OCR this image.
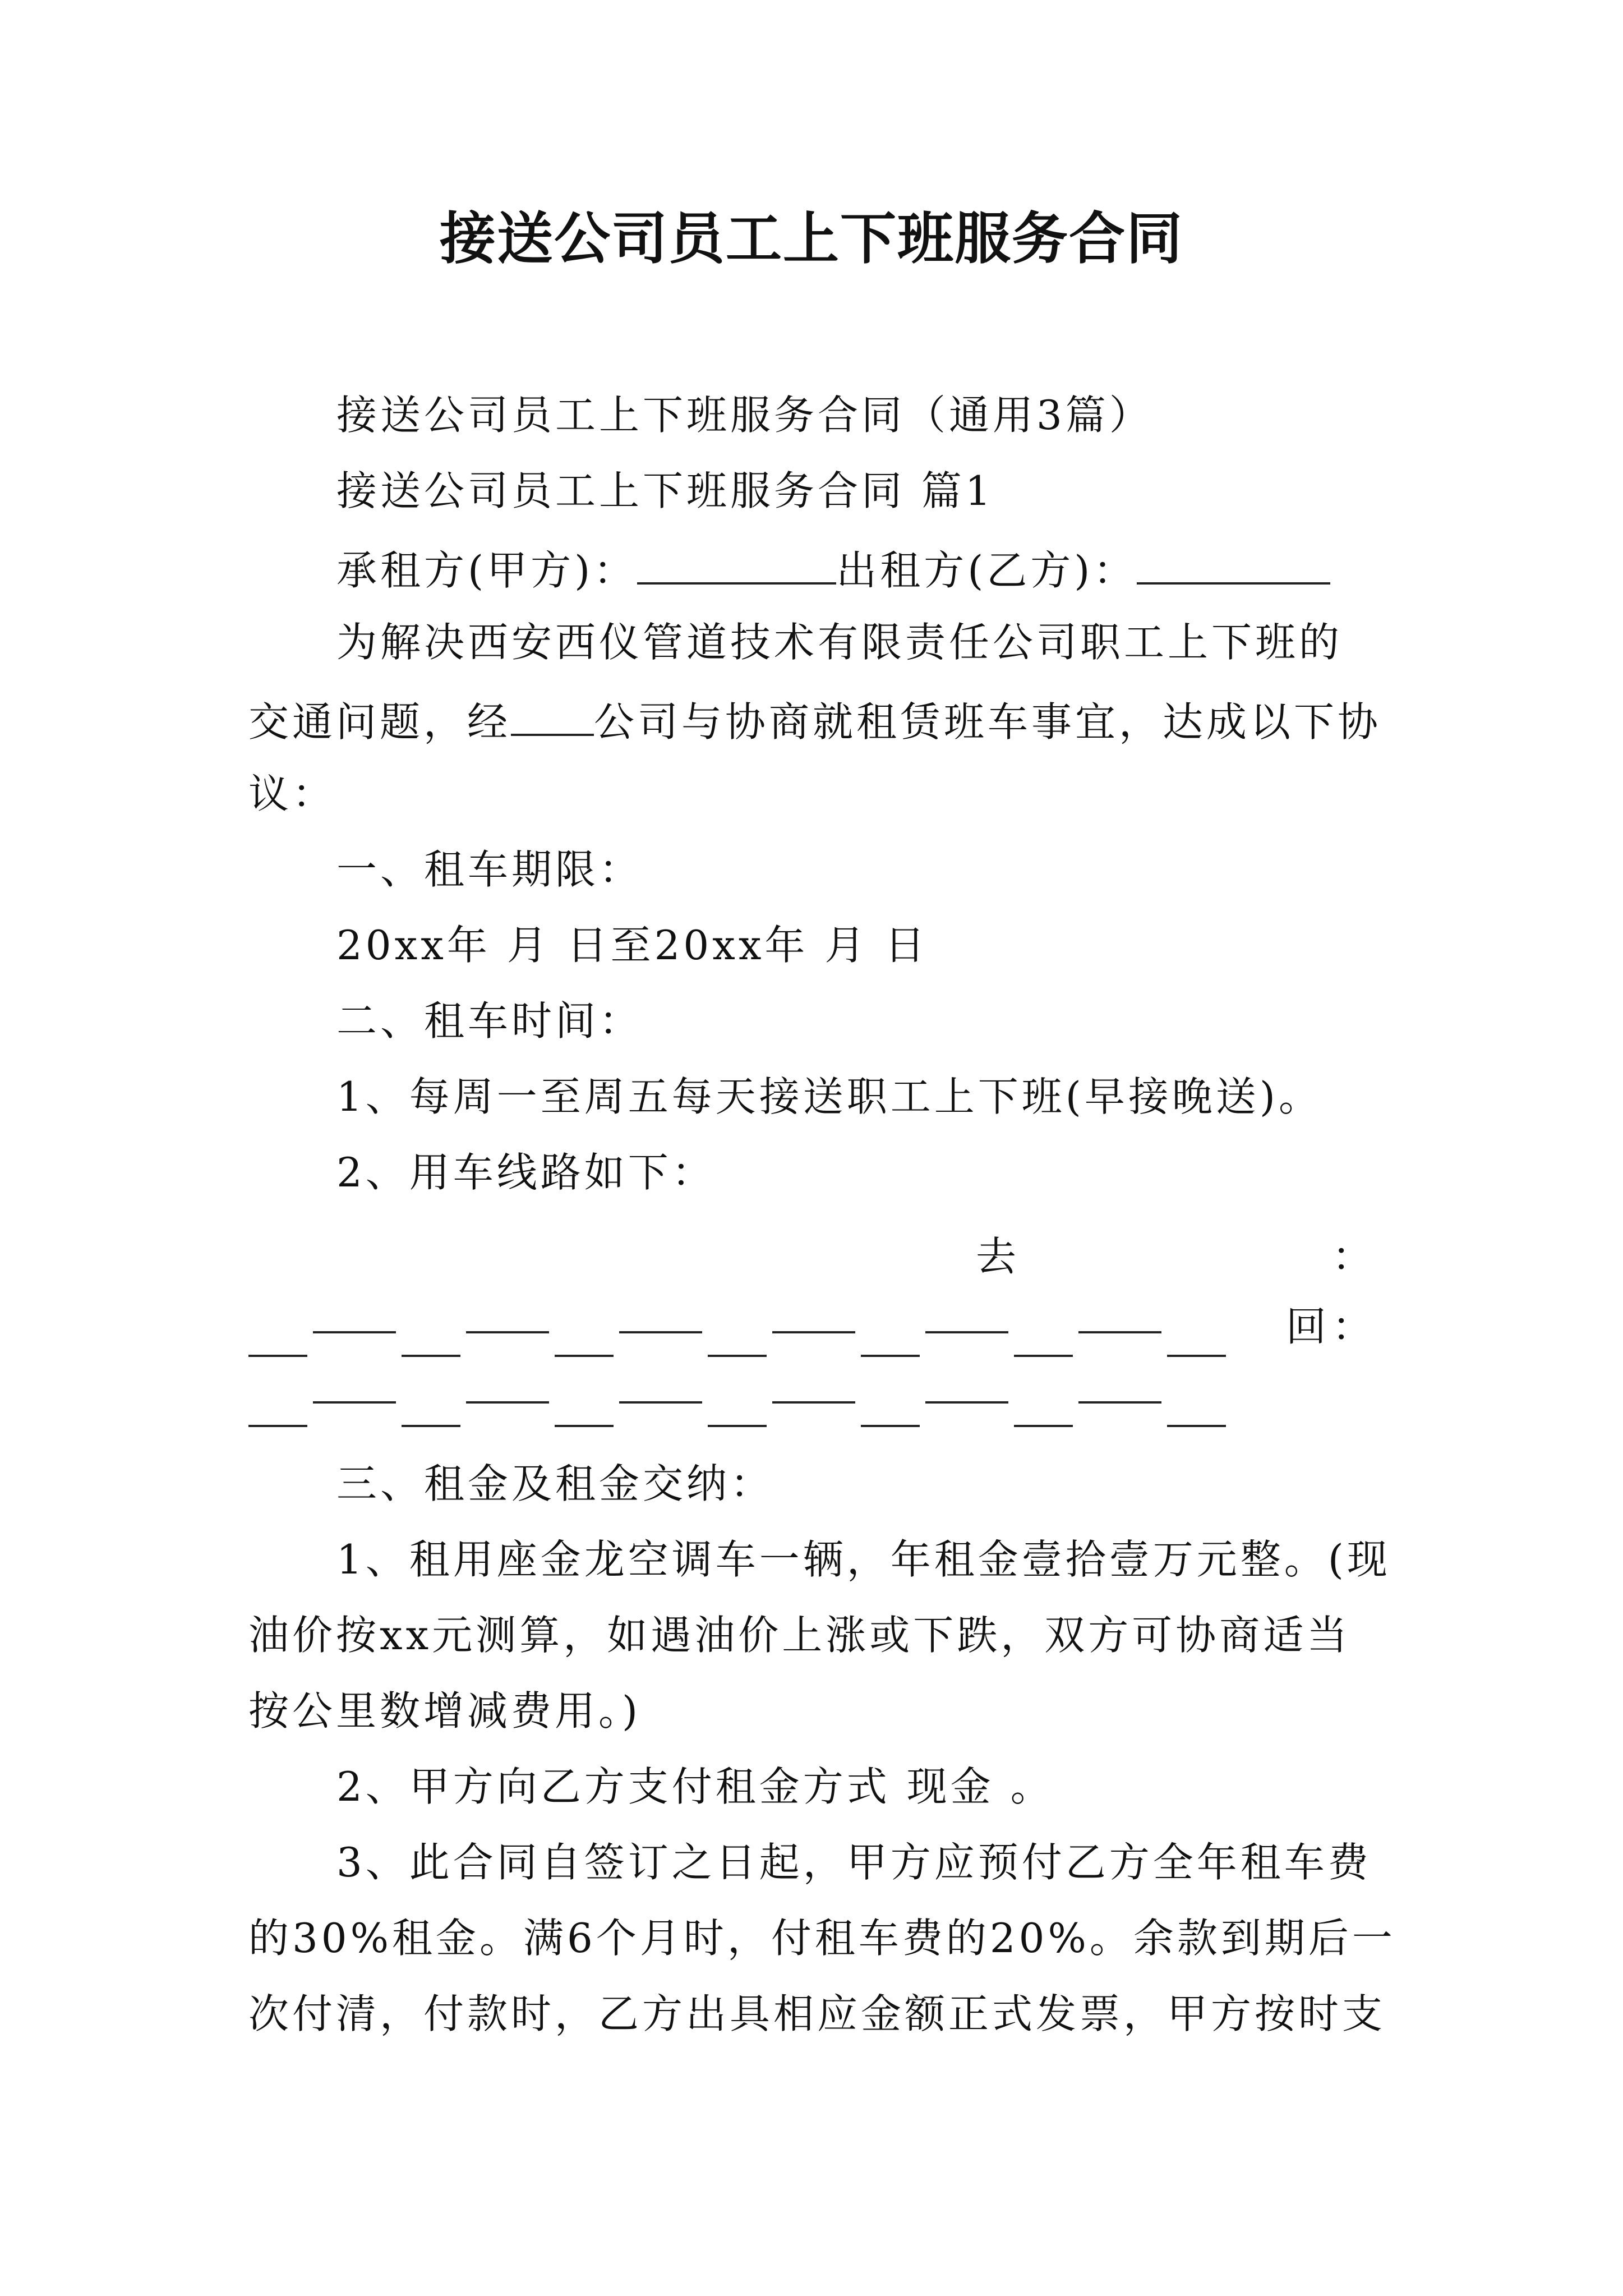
接送公司员工上下班服务合同
接送公司员工上下班服务合同（通用3篇）
接送公司员工上下班服务合同 篇1
承租方(甲方)：	出租方(乙方)：
为解决西安西仪管道技术有限责任公司职工上下班的
交通问题，经 公司与协商就租赁班车事宜，达成以下协
议：
一、租车期限：
20xx年 月 日至20xx年 月 日
二、租车时间：
1、每周一至周五每天接送职工上下班(早接晚送)。
2、用车线路如下：
去	：
回 ：
三、租金及租金交纳：
1、租用座金龙空调车一辆，年租金壹拾壹万元整。(现
油价按xx元测算，如遇油价上涨或下跌，双方可协商适当
按公里数增减费用。)
2、甲方向乙方支付租金方式 现金 。
3、此合同自签订之日起，甲方应预付乙方全年租车费
的30%租金。满6个月时，付租车费的20%。余款到期后一
次付清，付款时，乙方出具相应金额正式发票，甲方按时支
